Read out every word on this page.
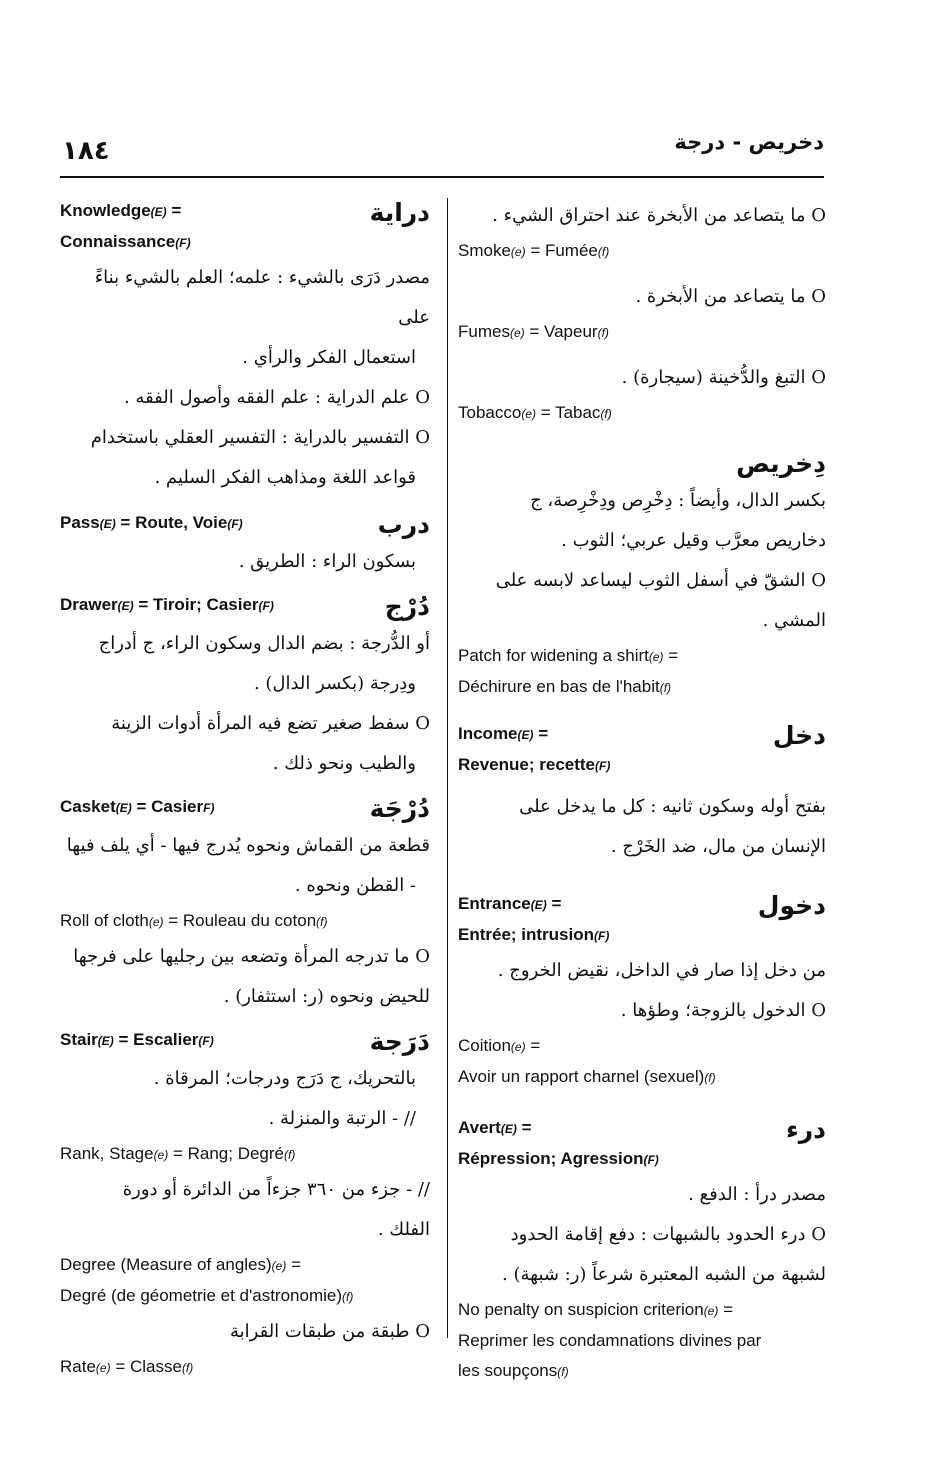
١٨٤	دخريص - درجة
O ما يتصاعد من الأبخرة عند احتراق الشيء .
Smoke(e) = Fumée(f)
O ما يتصاعد من الأبخرة .
Fumes(e) = Vapeur(f)
O التبغ والدُّخينة (سيجارة) .
Tobacco(e) = Tabac(f)
دِخريص
بكسر الدال، وأيضاً : دِخْرِص ودِخْرِصة، ج
دخاريص معرَّب وقيل عربي؛ الثوب .
O الشقّ في أسفل الثوب ليساعد لابسه على
المشي .
Patch for widening a shirt(e) =
Déchirure en bas de l'habit(f)
Income(E) =
Revenue; recette(F)
دخل
بفتح أوله وسكون ثانيه : كل ما يدخل على
الإنسان من مال، ضد الخَرْج .
Entrance(E) =
Entrée; intrusion(F)
دخول
من دخل إذا صار في الداخل، نقيض الخروج .
O الدخول بالزوجة؛ وطؤها .
Coition(e) =
Avoir un rapport charnel (sexuel)(f)
Avert(E) =
Répression; Agression(F)
درء
مصدر درأ : الدفع .
O درء الحدود بالشبهات : دفع إقامة الحدود
لشبهة من الشبه المعتبرة شرعاً (ر: شبهة) .
No penalty on suspicion criterion(e) =
Reprimer les condamnations divines par
les soupçons(f)
Knowledge(E) =
Connaissance(F)
دراية
مصدر دَرَى بالشيء : علمه؛ العلم بالشيء بناءً على
استعمال الفكر والرأي .
O علم الدراية : علم الفقه وأصول الفقه .
O التفسير بالدراية : التفسير العقلي باستخدام
قواعد اللغة ومذاهب الفكر السليم .
Pass(E) = Route, Voie(F)	درب
بسكون الراء : الطريق .
Drawer(E) = Tiroir; Casier(F)	دُرْج
أو الدُّرجة : بضم الدال وسكون الراء، ج أدراج
ودِرجة (بكسر الدال) .
O سفط صغير تضع فيه المرأة أدوات الزينة
والطيب ونحو ذلك .
Casket(E) = CasierF)	دُرْجَة
قطعة من القماش ونحوه يُدرج فيها - أي يلف فيها
- القطن ونحوه .
Roll of cloth(e) = Rouleau du coton(f)
O ما تدرجه المرأة وتضعه بين رجليها على فرجها
للحيض ونحوه (ر: استثفار) .
Stair(E) = Escalier(F)	دَرَجة
بالتحريك، ج دَرَج ودرجات؛ المرقاة .
// - الرتبة والمنزلة .
Rank, Stage(e) = Rang; Degré(f)
// - جزء من ٣٦٠ جزءاً من الدائرة أو دورة
الفلك .
Degree (Measure of angles)(e) =
Degré (de géometrie et d'astronomie)(f)
O طبقة من طبقات القرابة
Rate(e) = Classe(f)
